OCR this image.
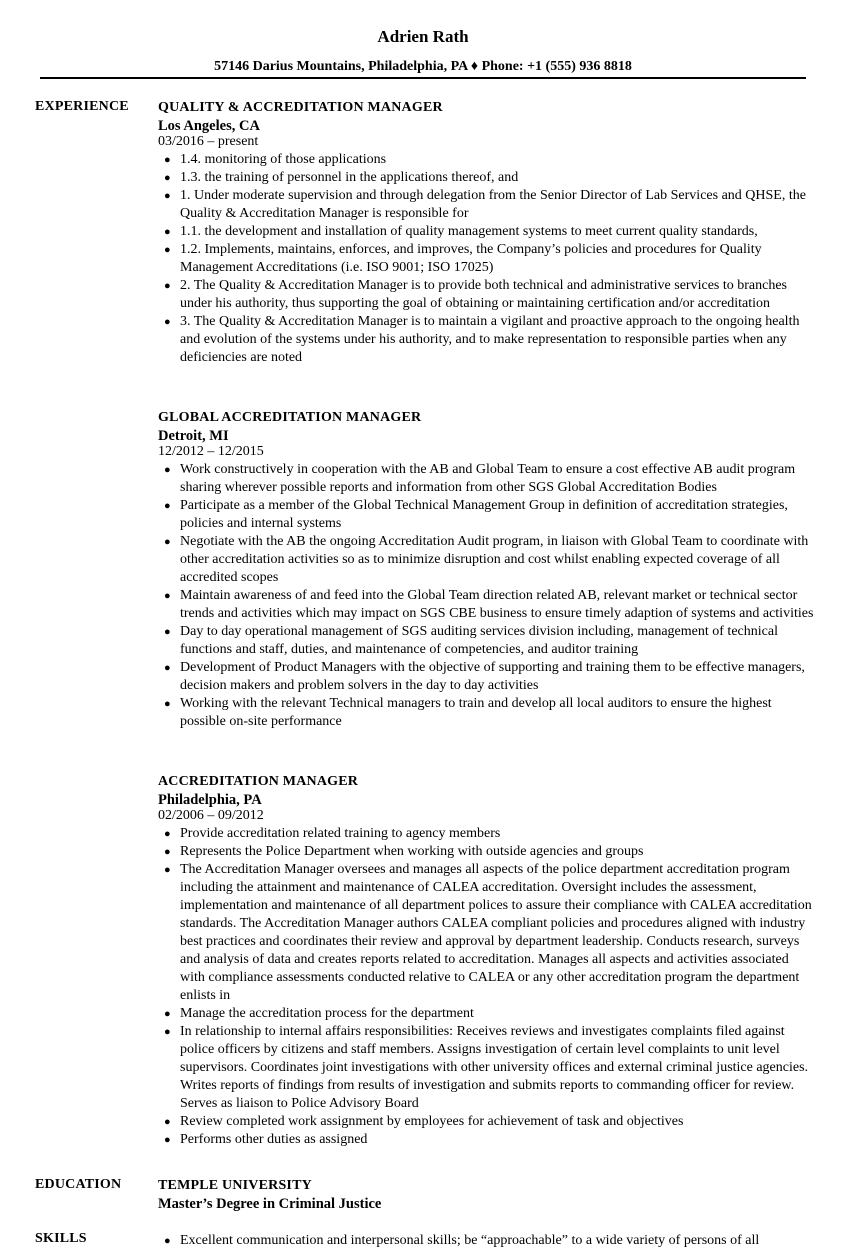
Adrien Rath
57146 Darius Mountains, Philadelphia, PA ♦ Phone: +1 (555) 936 8818
EXPERIENCE QUALITY & ACCREDITATION MANAGER
Los Angeles, CA
03/2016 – present
● 1.4. monitoring of those applications
● 1.3. the training of personnel in the applications thereof, and
● 1. Under moderate supervision and through delegation from the Senior Director of Lab Services and QHSE, the Quality & Accreditation Manager is responsible for
● 1.1. the development and installation of quality management systems to meet current quality standards,
● 1.2. Implements, maintains, enforces, and improves, the Company’s policies and procedures for Quality Management Accreditations (i.e. ISO 9001; ISO 17025)
● 2. The Quality & Accreditation Manager is to provide both technical and administrative services to branches under his authority, thus supporting the goal of obtaining or maintaining certification and/or accreditation
● 3. The Quality & Accreditation Manager is to maintain a vigilant and proactive approach to the ongoing health and evolution of the systems under his authority, and to make representation to responsible parties when any deficiencies are noted
GLOBAL ACCREDITATION MANAGER
Detroit, MI
12/2012 – 12/2015
● Work constructively in cooperation with the AB and Global Team to ensure a cost effective AB audit program sharing wherever possible reports and information from other SGS Global Accreditation Bodies
● Participate as a member of the Global Technical Management Group in definition of accreditation strategies, policies and internal systems
● Negotiate with the AB the ongoing Accreditation Audit program, in liaison with Global Team to coordinate with other accreditation activities so as to minimize disruption and cost whilst enabling expected coverage of all accredited scopes
● Maintain awareness of and feed into the Global Team direction related AB, relevant market or technical sector trends and activities which may impact on SGS CBE business to ensure timely adaption of systems and activities
● Day to day operational management of SGS auditing services division including, management of technical functions and staff, duties, and maintenance of competencies, and auditor training
● Development of Product Managers with the objective of supporting and training them to be effective managers, decision makers and problem solvers in the day to day activities
● Working with the relevant Technical managers to train and develop all local auditors to ensure the highest possible on-site performance
ACCREDITATION MANAGER
Philadelphia, PA
02/2006 – 09/2012
● Provide accreditation related training to agency members
● Represents the Police Department when working with outside agencies and groups
● The Accreditation Manager oversees and manages all aspects of the police department accreditation program including the attainment and maintenance of CALEA accreditation. Oversight includes the assessment, implementation and maintenance of all department polices to assure their compliance with CALEA accreditation standards. The Accreditation Manager authors CALEA compliant policies and procedures aligned with industry best practices and coordinates their review and approval by department leadership. Conducts research, surveys and analysis of data and creates reports related to accreditation. Manages all aspects and activities associated with compliance assessments conducted relative to CALEA or any other accreditation program the department enlists in
● Manage the accreditation process for the department
● In relationship to internal affairs responsibilities: Receives reviews and investigates complaints filed against police officers by citizens and staff members. Assigns investigation of certain level complaints to unit level supervisors. Coordinates joint investigations with other university offices and external criminal justice agencies. Writes reports of findings from results of investigation and submits reports to commanding officer for review. Serves as liaison to Police Advisory Board
● Review completed work assignment by employees for achievement of task and objectives
● Performs other duties as assigned
EDUCATION	TEMPLE UNIVERSITY
Master’s Degree in Criminal Justice
SKILLS	● Excellent communication and interpersonal skills; be “approachable” to a wide variety of persons of all
